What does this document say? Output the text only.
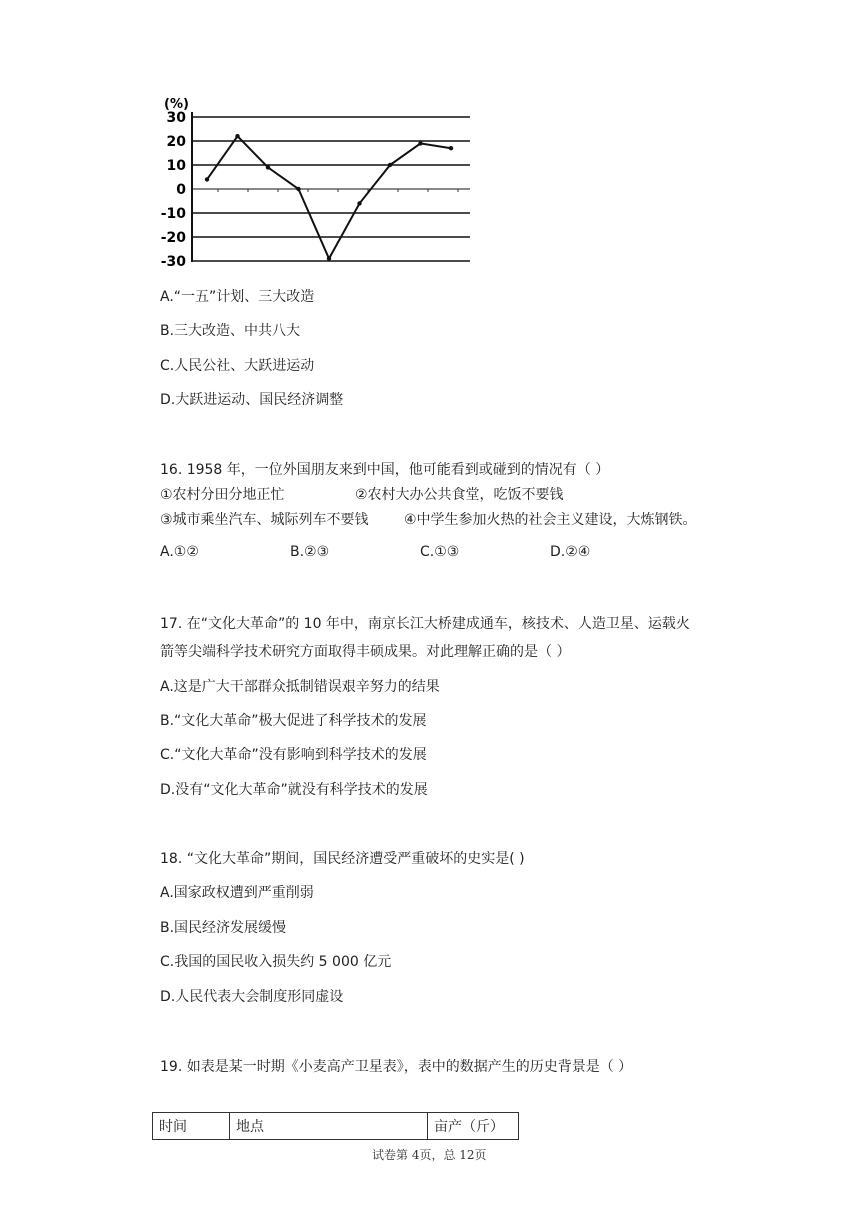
(%)
30
20
10
0
-10
-20
-30
A.“一五”计划、三大改造
B.三大改造、中共八大
C.人民公社、大跃进运动
D.大跃进运动、国民经济调整
16. 1958 年，一位外国朋友来到中国，他可能看到或碰到的情况有（ ）
①农村分田分地正忙	②农村大办公共食堂，吃饭不要钱
③城市乘坐汽车、城际列车不要钱	④中学生参加火热的社会主义建设，大炼钢铁。
A.①②	B.②③	C.①③	D.②④
17. 在“文化大革命”的 10 年中，南京长江大桥建成通车，核技术、人造卫星、运载火
箭等尖端科学技术研究方面取得丰硕成果。对此理解正确的是（ ）
A.这是广大干部群众抵制错误艰辛努力的结果
B.“文化大革命”极大促进了科学技术的发展
C.“文化大革命”没有影响到科学技术的发展
D.没有“文化大革命”就没有科学技术的发展
18. “文化大革命”期间，国民经济遭受严重破坏的史实是( )
A.国家政权遭到严重削弱
B.国民经济发展缓慢
C.我国的国民收入损失约 5 000 亿元
D.人民代表大会制度形同虚设
19. 如表是某一时期《小麦高产卫星表》，表中的数据产生的历史背景是（ ）
时间	地点	亩产（斤）
试卷第 4页，总 12页
